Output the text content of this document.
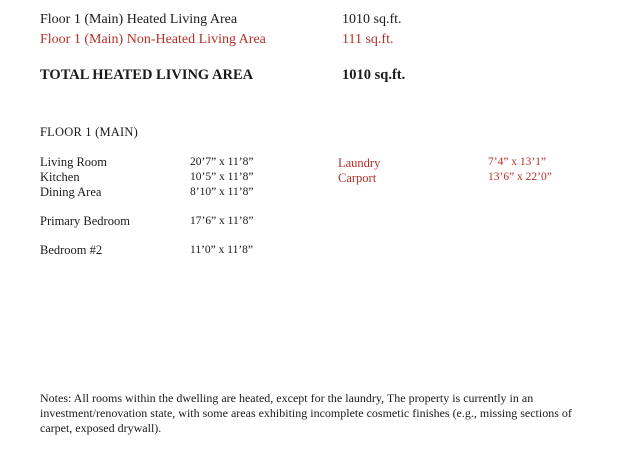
Floor 1 (Main) Heated Living Area	1010 sq.ft.
Floor 1 (Main) Non-Heated Living Area	111 sq.ft.
TOTAL HEATED LIVING AREA	1010 sq.ft.
FLOOR 1 (MAIN)
Living Room	20’7” x 11’8”
Kitchen	10’5” x 11’8”
Dining Area	8’10” x 11’8”
Primary Bedroom	17’6” x 11’8”
Bedroom #2	11’0” x 11’8”
Laundry	7’4” x 13’1”
Carport	13’6” x 22’0”
Notes: All rooms within the dwelling are heated, except for the laundry, The property is currently in an investment/renovation state, with some areas exhibiting incomplete cosmetic finishes (e.g., missing sections of carpet, exposed drywall).
